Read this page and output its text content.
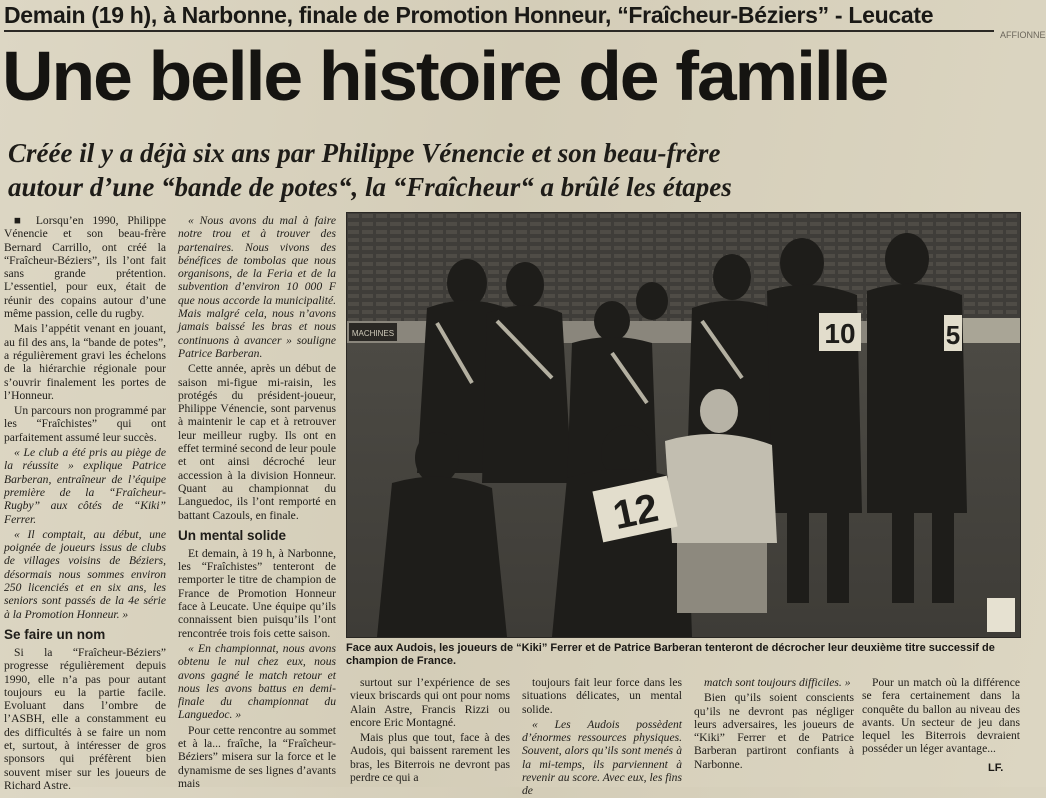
Demain (19 h), à Narbonne, finale de Promotion Honneur, “Fraîcheur-Béziers” - Leucate
Une belle histoire de famille
Créée il y a déjà six ans par Philippe Vénencie et son beau-frère
autour d’une “bande de potes“, la “Fraîcheur“ a brûlé les étapes
AFFIONNE

■ Lorsqu’en 1990, Philippe Vénencie et son beau-frère Bernard Carrillo, ont créé la “Fraîcheur-Béziers”, ils l’ont fait sans grande prétention. L’essentiel, pour eux, était de réunir des copains autour d’une même passion, celle du rugby.

Mais l’appétit venant en jouant, au fil des ans, la “bande de potes”, a régulièrement gravi les échelons de la hiérarchie régionale pour s’ouvrir finalement les portes de l’Honneur.

Un parcours non programmé par les “Fraîchistes” qui ont parfaitement assumé leur succès.

« Le club a été pris au piège de la réussite » explique Patrice Barberan, entraîneur de l’équipe première de la “Fraîcheur-Rugby” aux côtés de “Kiki” Ferrer.

« Il comptait, au début, une poignée de joueurs issus de clubs de villages voisins de Béziers, désormais nous sommes environ 250 licenciés et en six ans, les seniors sont passés de la 4e série à la Promotion Honneur. »

Se faire un nom

Si la “Fraîcheur-Béziers” progresse régulièrement depuis 1990, elle n’a pas pour autant toujours eu la partie facile. Evoluant dans l’ombre de l’ASBH, elle a constamment eu des difficultés à se faire un nom et, surtout, à intéresser de gros sponsors qui préfèrent bien souvent miser sur les joueurs de Richard Astre.

« Nous avons du mal à faire notre trou et à trouver des partenaires. Nous vivons des bénéfices de tombolas que nous organisons, de la Feria et de la subvention d’environ 10 000 F que nous accorde la municipalité. Mais malgré cela, nous n’avons jamais baissé les bras et nous continuons à avancer » souligne Patrice Barberan.

Cette année, après un début de saison mi-figue mi-raisin, les protégés du président-joueur, Philippe Vénencie, sont parvenus à maintenir le cap et à retrouver leur meilleur rugby. Ils ont en effet terminé second de leur poule et ont ainsi décroché leur accession à la division Honneur. Quant au championnat du Languedoc, ils l’ont remporté en battant Cazouls, en finale.

Un mental solide

Et demain, à 19 h, à Narbonne, les “Fraîchistes” tenteront de remporter le titre de champion de France de Promotion Honneur face à Leucate. Une équipe qu’ils connaissent bien puisqu’ils l’ont rencontrée trois fois cette saison.

« En championnat, nous avons obtenu le nul chez eux, nous avons gagné le match retour et nous les avons battus en demi-finale du championnat du Languedoc. »

Pour cette rencontre au sommet et à la... fraîche, la “Fraîcheur-Béziers” misera sur la force et le dynamisme de ses lignes d’avants mais

MACHINES	10	5
12
Face aux Audois, les joueurs de “Kiki” Ferrer et de Patrice Barberan tenteront de décrocher leur deuxième titre successif de champion de France.

surtout sur l’expérience de ses vieux briscards qui ont pour noms Alain Astre, Francis Rizzi ou encore Eric Montagné.

Mais plus que tout, face à des Audois, qui baissent rarement les bras, les Biterrois ne devront pas perdre ce qui a

toujours fait leur force dans les situations délicates, un mental solide.

« Les Audois possèdent d’énormes ressources physiques. Souvent, alors qu’ils sont menés à la mi-temps, ils parviennent à revenir au score. Avec eux, les fins de

match sont toujours difficiles. »

Bien qu’ils soient conscients qu’ils ne devront pas négliger leurs adversaires, les joueurs de “Kiki” Ferrer et de Patrice Barberan partiront confiants à Narbonne.

Pour un match où la différence se fera certainement dans la conquête du ballon au niveau des avants. Un secteur de jeu dans lequel les Biterrois devraient posséder un léger avantage...

LF.
